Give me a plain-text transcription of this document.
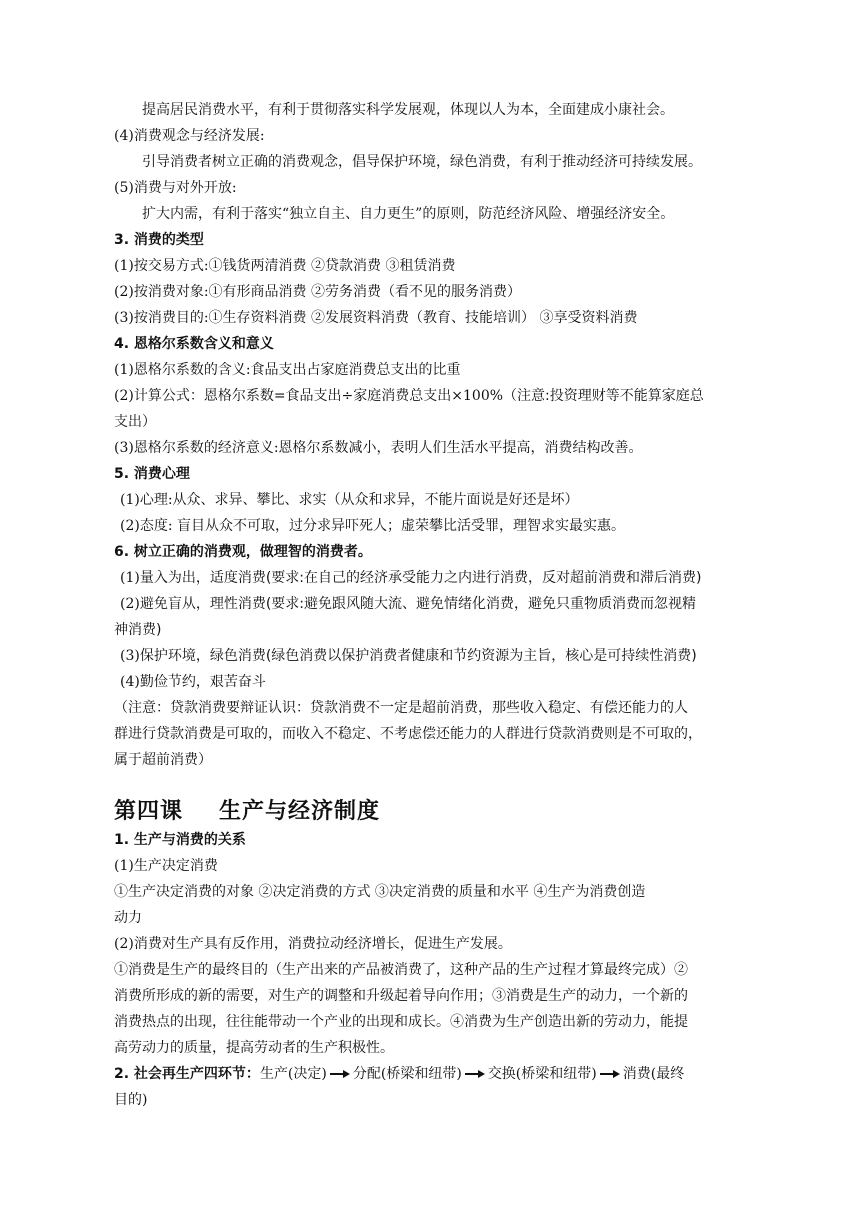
提高居民消费水平，有利于贯彻落实科学发展观，体现以人为本，全面建成小康社会。
(4)消费观念与经济发展:
引导消费者树立正确的消费观念，倡导保护环境，绿色消费，有利于推动经济可持续发展。
(5)消费与对外开放:
扩大内需，有利于落实“独立自主、自力更生”的原则，防范经济风险、增强经济安全。
3. 消费的类型
(1)按交易方式:①钱货两清消费 ②贷款消费 ③租赁消费
(2)按消费对象:①有形商品消费 ②劳务消费（看不见的服务消费）
(3)按消费目的:①生存资料消费 ②发展资料消费（教育、技能培训） ③享受资料消费
4. 恩格尔系数含义和意义
(1)恩格尔系数的含义:食品支出占家庭消费总支出的比重
(2)计算公式：恩格尔系数=食品支出÷家庭消费总支出×100%（注意:投资理财等不能算家庭总
支出）
(3)恩格尔系数的经济意义:恩格尔系数减小，表明人们生活水平提高，消费结构改善。
5. 消费心理
(1)心理:从众、求异、攀比、求实（从众和求异，不能片面说是好还是坏）
(2)态度: 盲目从众不可取，过分求异吓死人；虚荣攀比活受罪，理智求实最实惠。
6. 树立正确的消费观，做理智的消费者。
(1)量入为出，适度消费(要求:在自己的经济承受能力之内进行消费，反对超前消费和滞后消费)
(2)避免盲从，理性消费(要求:避免跟风随大流、避免情绪化消费，避免只重物质消费而忽视精
神消费)
(3)保护环境，绿色消费(绿色消费以保护消费者健康和节约资源为主旨，核心是可持续性消费)
(4)勤俭节约，艰苦奋斗
（注意：贷款消费要辩证认识：贷款消费不一定是超前消费，那些收入稳定、有偿还能力的人
群进行贷款消费是可取的，而收入不稳定、不考虑偿还能力的人群进行贷款消费则是不可取的，
属于超前消费）
第四课 生产与经济制度
1. 生产与消费的关系
(1)生产决定消费
①生产决定消费的对象 ②决定消费的方式 ③决定消费的质量和水平 ④生产为消费创造
动力
(2)消费对生产具有反作用，消费拉动经济增长，促进生产发展。
①消费是生产的最终目的（生产出来的产品被消费了，这种产品的生产过程才算最终完成）②
消费所形成的新的需要，对生产的调整和升级起着导向作用；③消费是生产的动力，一个新的
消费热点的出现，往往能带动一个产业的出现和成长。④消费为生产创造出新的劳动力，能提
高劳动力的质量，提高劳动者的生产积极性。
2. 社会再生产四环节：生产(决定) 分配(桥梁和纽带) 交换(桥梁和纽带) 消费(最终
目的)
